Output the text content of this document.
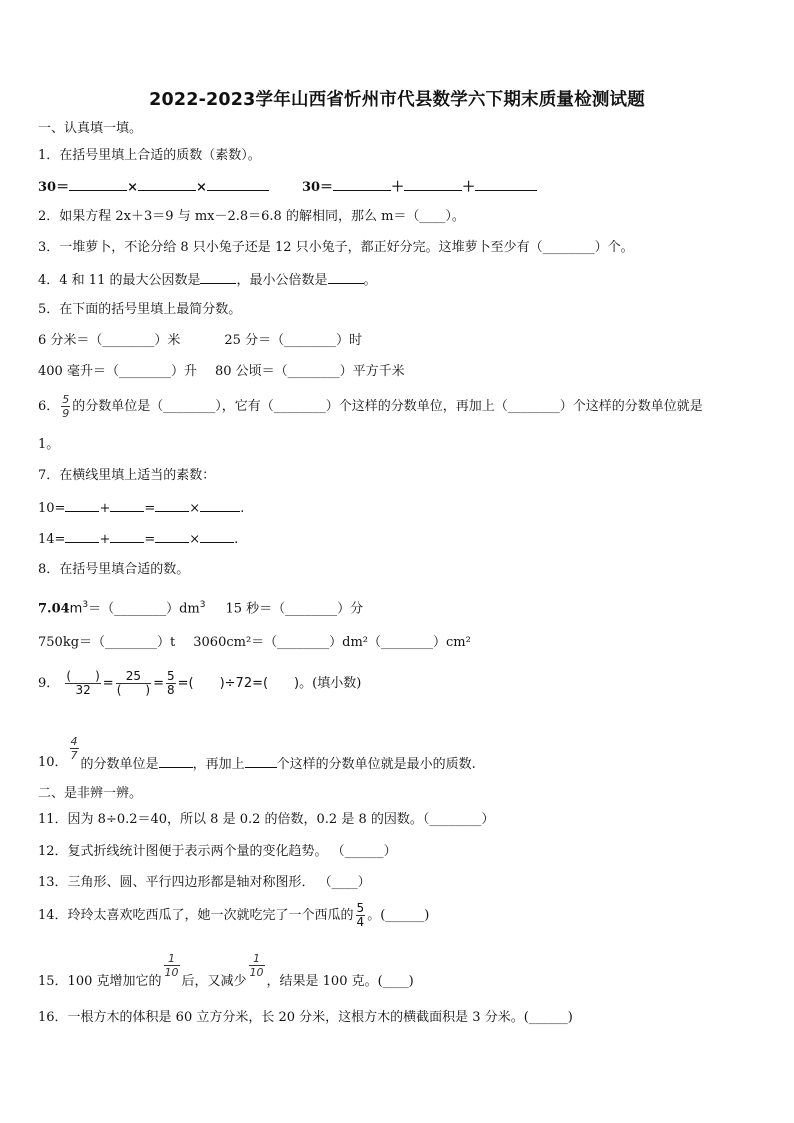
2022-2023学年山西省忻州市代县数学六下期末质量检测试题
一、认真填一填。
1．在括号里填上合适的质数（素数）。
30＝	×	×	30＝	＋	＋
2．如果方程 2x＋3＝9 与 mx－2.8＝6.8 的解相同，那么 m＝（____）。
3．一堆萝卜，不论分给 8 只小兔子还是 12 只小兔子，都正好分完。这堆萝卜至少有（________）个。
4．4 和 11 的最大公因数是	，最小公倍数是	。
5．在下面的括号里填上最简分数。
6 分米＝（________）米	25 分＝（________）时
400 毫升＝（________）升 80 公顷＝（________）平方千米
6． $\frac{5}{9}$ 的分数单位是（________），它有（________）个这样的分数单位，再加上（________）个这样的分数单位就是
1。
7．在横线里填上适当的素数：
10=	+	=	×	.
14=	+	=	×	.
8．在括号里填合适的数。
$7.04m^3=(\_\_\_\_\_\_\_\_)dm^3$ 15 秒＝（________）分
750kg＝（________）t 3060cm²＝（________）dm²（________）cm²
9． $\frac{( )}{32} = \frac{25}{( )} = \frac{5}{8}$ =(　　)÷72=(　　)。(填小数)
10．
$\frac{4}{7}$
的分数单位是	，再加上 个这样的分数单位就是最小的质数.
二、是非辨一辨。
11．因为 8÷0.2＝40，所以 8 是 0.2 的倍数，0.2 是 8 的因数。（________）
12．复式折线统计图便于表示两个量的变化趋势。 （______）
13．三角形、圆、平行四边形都是轴对称图形． （____）
14．玲玲太喜欢吃西瓜了，她一次就吃完了一个西瓜的 $\frac{5}{4}$ 。(______)
15．100 克增加它的
$\frac{1}{10}$
后，又减少
$\frac{1}{10}$
，结果是 100 克。(____)
16．一根方木的体积是 60 立方分米，长 20 分米，这根方木的横截面积是 3 分米。(______)
